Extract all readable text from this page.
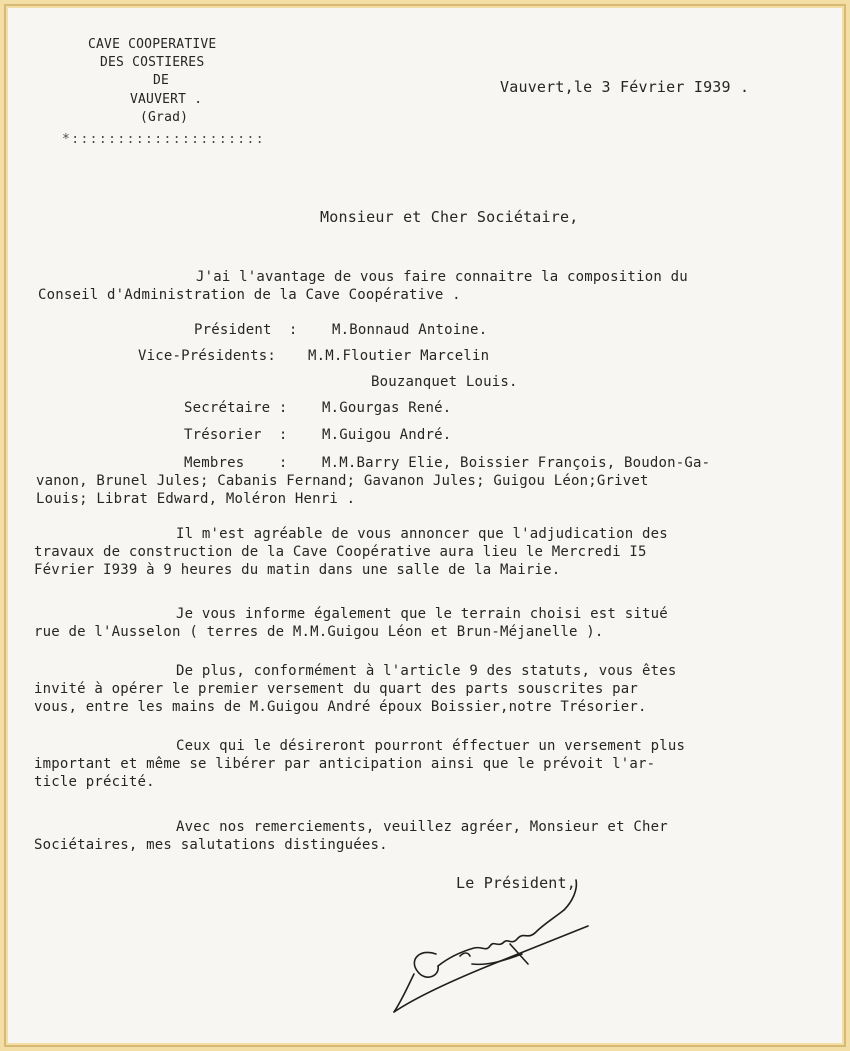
CAVE COOPERATIVE
DES COSTIERES
DE
VAUVERT .
(Grad)
*:::::::::::::::::::::
Vauvert,le 3 Février I939 .
Monsieur et Cher Sociétaire,
J'ai l'avantage de vous faire connaitre la composition du
Conseil d'Administration de la Cave Coopérative .
Président  : M.Bonnaud Antoine.
Vice-Présidents: M.M.Floutier Marcelin
Bouzanquet Louis.
Secrétaire : M.Gourgas René.
Trésorier  : M.Guigou André.
Membres    : M.M.Barry Elie, Boissier François, Boudon-Ga-
vanon, Brunel Jules; Cabanis Fernand; Gavanon Jules; Guigou Léon;Grivet
Louis; Librat Edward, Moléron Henri .
Il m'est agréable de vous annoncer que l'adjudication des
travaux de construction de la Cave Coopérative aura lieu le Mercredi I5
Février I939 à 9 heures du matin dans une salle de la Mairie.
Je vous informe également que le terrain choisi est situé
rue de l'Ausselon ( terres de M.M.Guigou Léon et Brun-Méjanelle ).
De plus, conformément à l'article 9 des statuts, vous êtes
invité à opérer le premier versement du quart des parts souscrites par
vous, entre les mains de M.Guigou André époux Boissier,notre Trésorier.
Ceux qui le désireront pourront éffectuer un versement plus
important et même se libérer par anticipation ainsi que le prévoit l'ar-
ticle précité.
Avec nos remerciements, veuillez agréer, Monsieur et Cher
Sociétaires, mes salutations distinguées.
Le Président,
